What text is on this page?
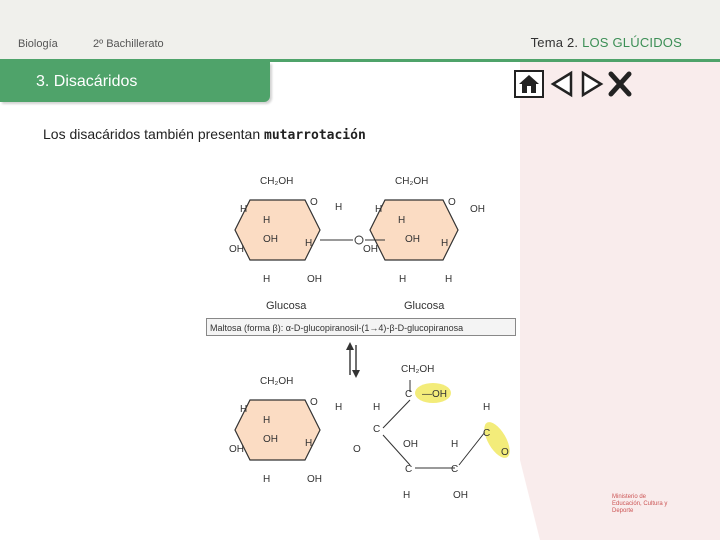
Biología	2º Bachillerato	Tema 2. LOS GLÚCIDOS
3. Disacáridos
Los disacáridos también presentan mutarrotación
CH₂OH	CH₂OH
O	O
H	H
H	H
OH	OH
OH	OH
H	H
H	H
OH	H
H	OH
CH₂OH
O
H
H
OH
OH
H
H	OH
H
O
CH₂OH
C —OH
C
H
C
OH
C
H
OH
H
C
O
H
Glucosa	Glucosa
Maltosa (forma β): α-D-glucopiranosil-(1→4)-β-D-glucopiranosa
Ministerio de Educación, Cultura y Deporte
